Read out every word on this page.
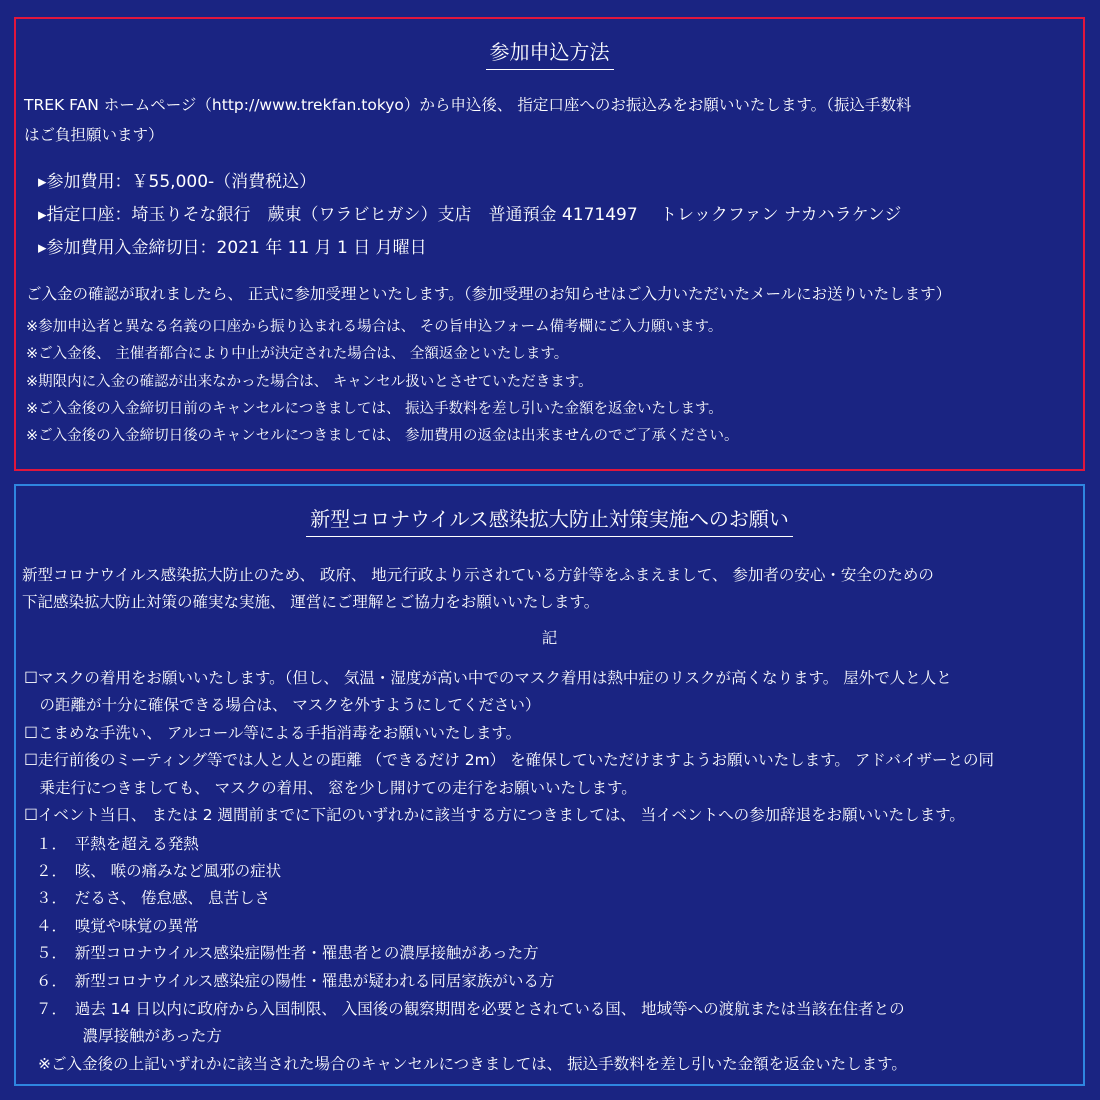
参加申込方法
TREK FAN ホームページ（http://www.trekfan.tokyo）から申込後、 指定口座へのお振込みをお願いいたします。（振込手数料
はご負担願います）
▸参加費用：￥55,000-（消費税込）
▸指定口座：埼玉りそな銀行　蕨東（ワラビヒガシ）支店　普通預金 4171497　 トレックファン ナカハラケンジ
▸参加費用入金締切日：2021 年 11 月 1 日 月曜日
ご入金の確認が取れましたら、 正式に参加受理といたします。（参加受理のお知らせはご入力いただいたメールにお送りいたします）
※参加申込者と異なる名義の口座から振り込まれる場合は、 その旨申込フォーム備考欄にご入力願います。
※ご入金後、 主催者都合により中止が決定された場合は、 全額返金といたします。
※期限内に入金の確認が出来なかった場合は、 キャンセル扱いとさせていただきます。
※ご入金後の入金締切日前のキャンセルにつきましては、 振込手数料を差し引いた金額を返金いたします。
※ご入金後の入金締切日後のキャンセルにつきましては、 参加費用の返金は出来ませんのでご了承ください。
新型コロナウイルス感染拡大防止対策実施へのお願い
新型コロナウイルス感染拡大防止のため、 政府、 地元行政より示されている方針等をふまえまして、 参加者の安心・安全のための
下記感染拡大防止対策の確実な実施、 運営にご理解とご協力をお願いいたします。
記
☐マスクの着用をお願いいたします。（但し、 気温・湿度が高い中でのマスク着用は熱中症のリスクが高くなります。 屋外で人と人と
　の距離が十分に確保できる場合は、 マスクを外すようにしてください）
☐こまめな手洗い、 アルコール等による手指消毒をお願いいたします。
☐走行前後のミーティング等では人と人との距離 （できるだけ 2m） を確保していただけますようお願いいたします。 アドバイザーとの同
　乗走行につきましても、 マスクの着用、 窓を少し開けての走行をお願いいたします。
☐イベント当日、 または 2 週間前までに下記のいずれかに該当する方につきましては、 当イベントへの参加辞退をお願いいたします。
１．　平熱を超える発熱
２．　咳、 喉の痛みなど風邪の症状
３．　だるさ、 倦怠感、 息苦しさ
４．　嗅覚や味覚の異常
５．　新型コロナウイルス感染症陽性者・罹患者との濃厚接触があった方
６．　新型コロナウイルス感染症の陽性・罹患が疑われる同居家族がいる方
７．　過去 14 日以内に政府から入国制限、 入国後の観察期間を必要とされている国、 地域等への渡航または当該在住者との
　　　濃厚接触があった方
※ご入金後の上記いずれかに該当された場合のキャンセルにつきましては、 振込手数料を差し引いた金額を返金いたします。
